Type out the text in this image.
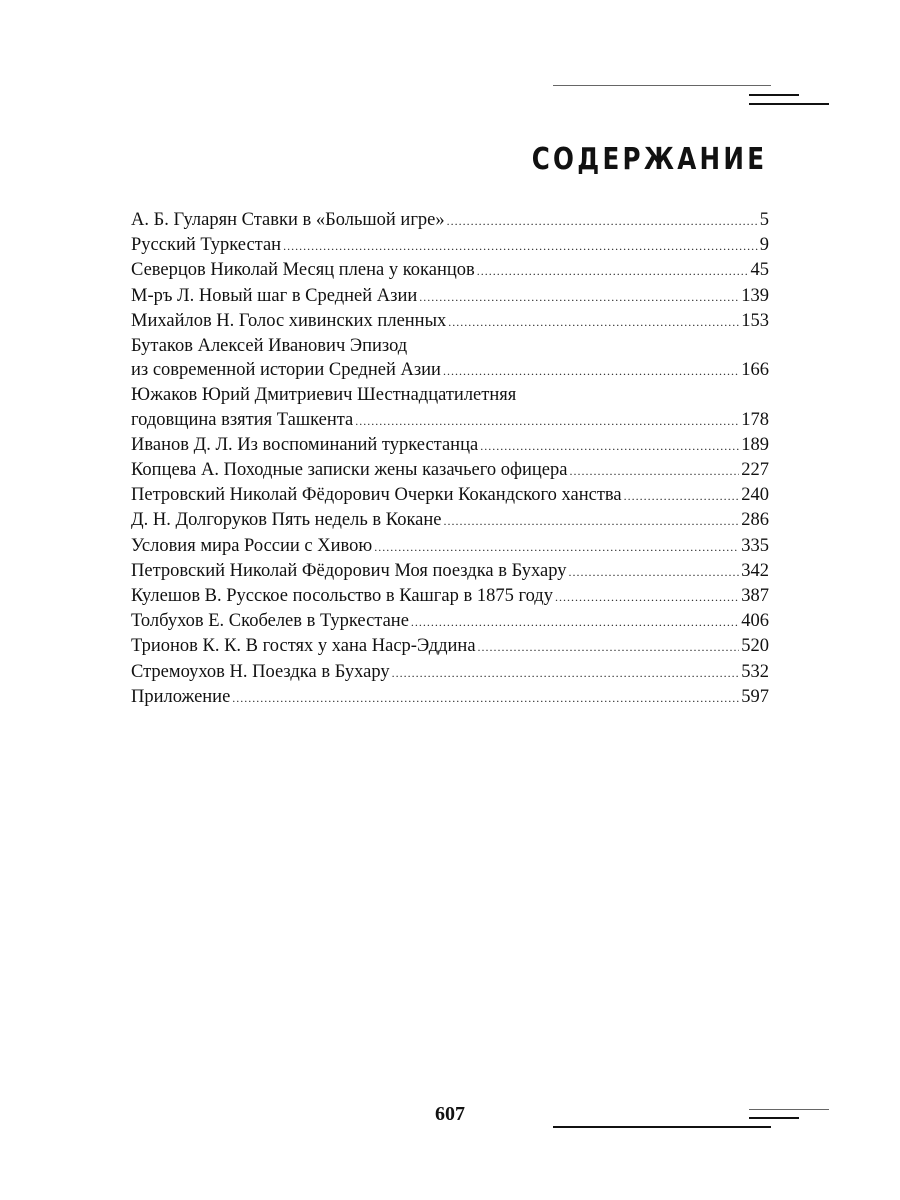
СОДЕРЖАНИЕ
А. Б. Гуларян Ставки в «Большой игре» .....	5
Русский Туркестан .....	9
Северцов Николай Месяц плена у коканцов .....	45
М-ръ Л. Новый шаг в Средней Азии .....	139
Михайлов Н. Голос хивинских пленных .....	153
Бутаков Алексей Иванович Эпизод
из современной истории Средней Азии .....	166
Южаков Юрий Дмитриевич Шестнадцатилетняя
годовщина взятия Ташкента .....	178
Иванов Д. Л. Из воспоминаний туркестанца .....	189
Копцева А. Походные записки жены казачьего офицера .....	227
Петровский Николай Фёдорович Очерки Кокандского ханства .....	240
Д. Н. Долгоруков Пять недель в Кокане .....	286
Условия мира России с Хивою .....	335
Петровский Николай Фёдорович Моя поездка в Бухару .....	342
Кулешов В. Русское посольство в Кашгар в 1875 году .....	387
Толбухов Е. Скобелев в Туркестане .....	406
Трионов К. К. В гостях у хана Наср-Эддина .....	520
Стремоухов Н. Поездка в Бухару .....	532
Приложение .....	597
607
